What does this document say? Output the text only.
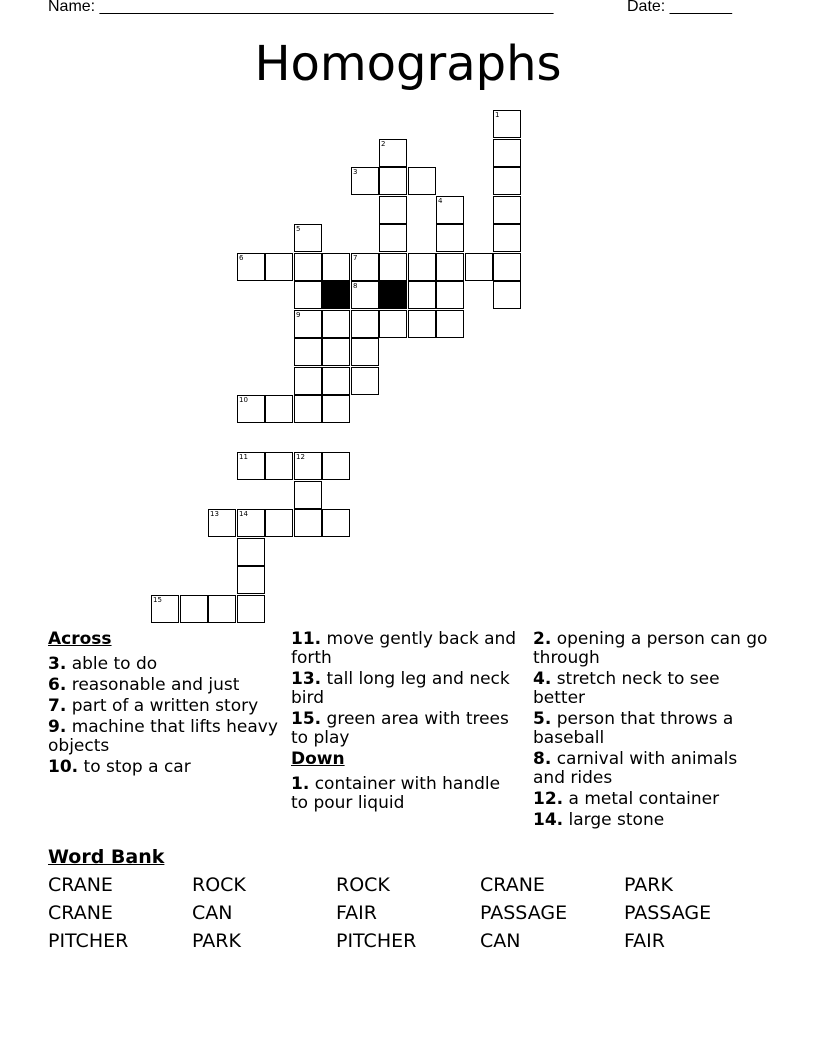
Name: ___________________________________________________	Date: _______
Homographs
1
2
3
4
5
6	7
8
9
10
11	12
13	14
15
Across
3. able to do
6. reasonable and just
7. part of a written story
9. machine that lifts heavy objects
10. to stop a car
11. move gently back and forth
13. tall long leg and neck bird
15. green area with trees to play
Down
1. container with handle to pour liquid
2. opening a person can go through
4. stretch neck to see better
5. person that throws a baseball
8. carnival with animals and rides
12. a metal container
14. large stone
Word Bank
CRANE	ROCK	ROCK	CRANE	PARK
CRANE	CAN	FAIR	PASSAGE	PASSAGE
PITCHER	PARK	PITCHER	CAN	FAIR
